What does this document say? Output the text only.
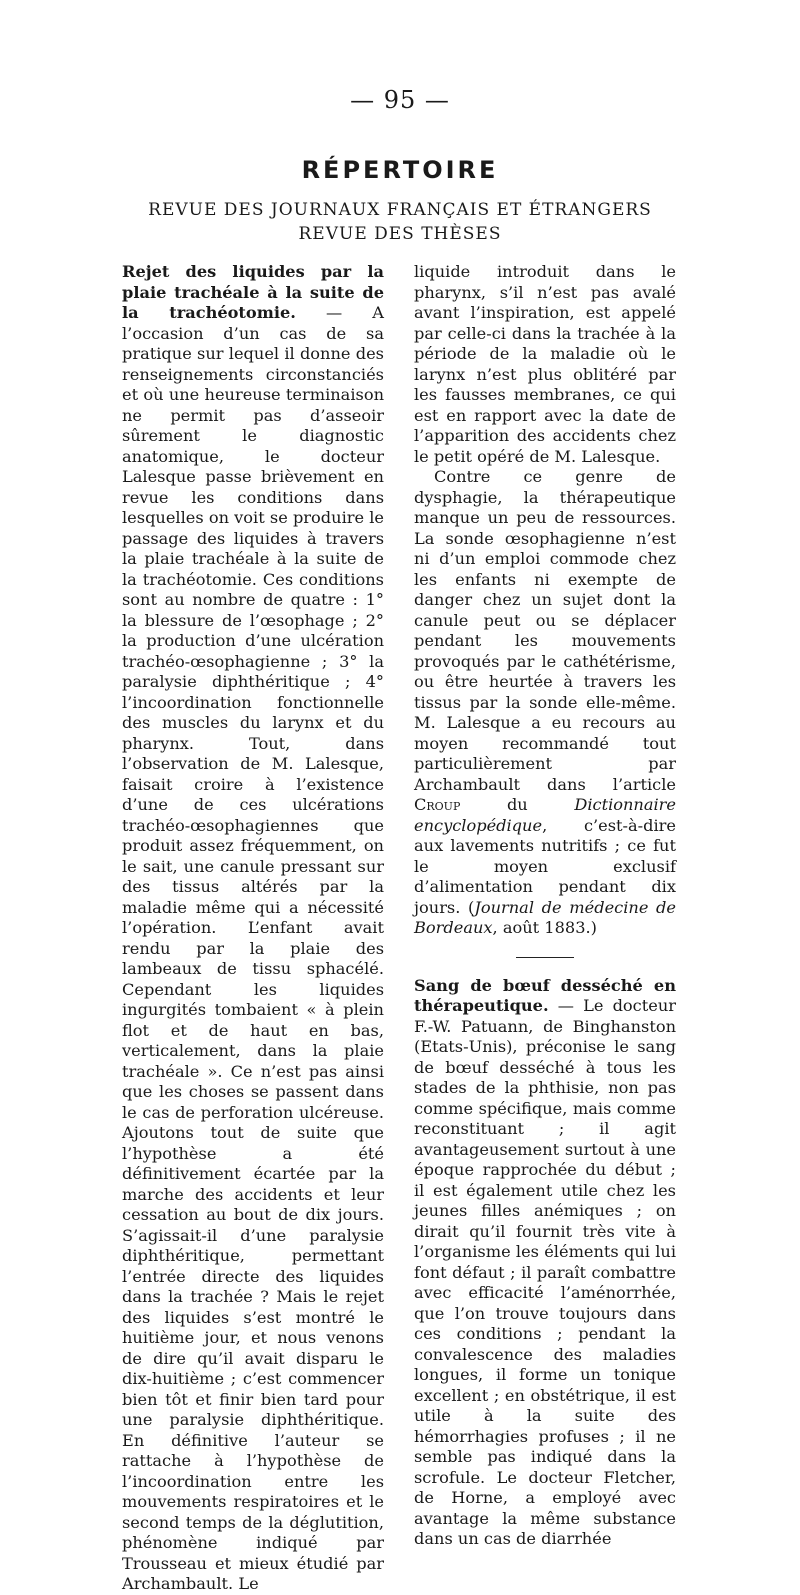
— 95 —
RÉPERTOIRE
REVUE DES JOURNAUX FRANÇAIS ET ÉTRANGERS
REVUE DES THÈSES

Rejet des liquides par la plaie trachéale à la suite de la trachéotomie. — A l’occasion d’un cas de sa pratique sur lequel il donne des renseignements circonstanciés et où une heureuse terminaison ne permit pas d’asseoir sûrement le diagnostic anatomique, le docteur Lalesque passe brièvement en revue les conditions dans lesquelles on voit se produire le passage des liquides à travers la plaie trachéale à la suite de la trachéotomie. Ces conditions sont au nombre de quatre : 1° la blessure de l’œsophage ; 2° la production d’une ulcération trachéo-œsophagienne ; 3° la paralysie diphthéritique ; 4° l’incoordination fonctionnelle des muscles du larynx et du pharynx. Tout, dans l’observation de M. Lalesque, faisait croire à l’existence d’une de ces ulcérations trachéo-œsophagiennes que produit assez fréquemment, on le sait, une canule pressant sur des tissus altérés par la maladie même qui a nécessité l’opération. L’enfant avait rendu par la plaie des lambeaux de tissu sphacélé. Cependant les liquides ingurgités tombaient « à plein flot et de haut en bas, verticalement, dans la plaie trachéale ». Ce n’est pas ainsi que les choses se passent dans le cas de perforation ulcéreuse. Ajoutons tout de suite que l’hypothèse a été définitivement écartée par la marche des accidents et leur cessation au bout de dix jours. S’agissait-il d’une paralysie diphthéritique, permettant l’entrée directe des liquides dans la trachée ? Mais le rejet des liquides s’est montré le huitième jour, et nous venons de dire qu’il avait disparu le dix-huitième ; c’est commencer bien tôt et finir bien tard pour une paralysie diphthéritique. En définitive l’auteur se rattache à l’hypothèse de l’incoordination entre les mouvements respiratoires et le second temps de la déglutition, phénomène indiqué par Trousseau et mieux étudié par Archambault. Le

liquide introduit dans le pharynx, s’il n’est pas avalé avant l’inspiration, est appelé par celle-ci dans la trachée à la période de la maladie où le larynx n’est plus oblitéré par les fausses membranes, ce qui est en rapport avec la date de l’apparition des accidents chez le petit opéré de M. Lalesque.

Contre ce genre de dysphagie, la thérapeutique manque un peu de ressources. La sonde œsophagienne n’est ni d’un emploi commode chez les enfants ni exempte de danger chez un sujet dont la canule peut ou se déplacer pendant les mouvements provoqués par le cathétérisme, ou être heurtée à travers les tissus par la sonde elle-même. M. Lalesque a eu recours au moyen recommandé tout particulièrement par Archambault dans l’article Croup du Dictionnaire encyclopédique, c’est-à-dire aux lavements nutritifs ; ce fut le moyen exclusif d’alimentation pendant dix jours. (Journal de médecine de Bordeaux, août 1883.)

Sang de bœuf desséché en thérapeutique. — Le docteur F.-W. Patuann, de Binghanston (Etats-Unis), préconise le sang de bœuf desséché à tous les stades de la phthisie, non pas comme spécifique, mais comme reconstituant ; il agit avantageusement surtout à une époque rapprochée du début ; il est également utile chez les jeunes filles anémiques ; on dirait qu’il fournit très vite à l’organisme les éléments qui lui font défaut ; il paraît combattre avec efficacité l’aménorrhée, que l’on trouve toujours dans ces conditions ; pendant la convalescence des maladies longues, il forme un tonique excellent ; en obstétrique, il est utile à la suite des hémorrhagies profuses ; il ne semble pas indiqué dans la scrofule. Le docteur Fletcher, de Horne, a employé avec avantage la même substance dans un cas de diarrhée
